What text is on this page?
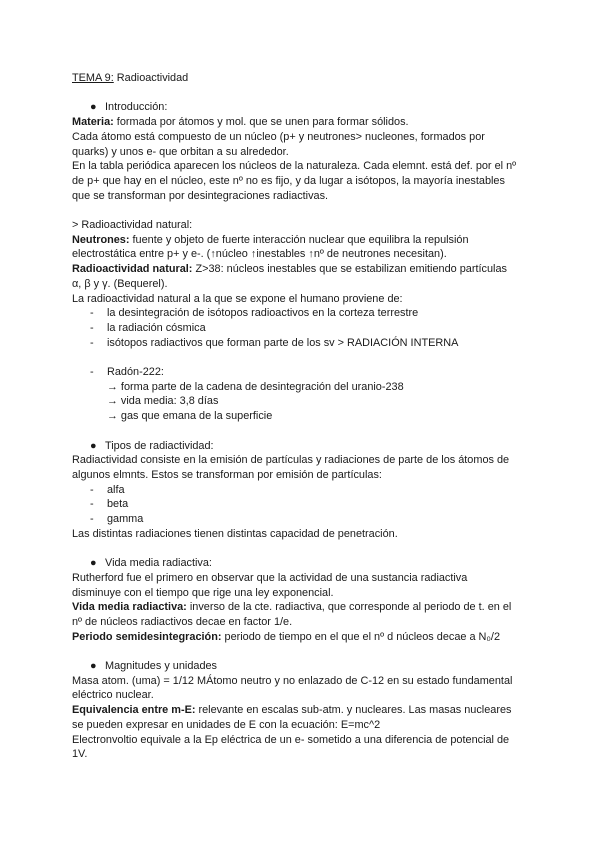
TEMA 9: Radioactividad

● Introducción:

Materia: formada por átomos y mol. que se unen para formar sólidos.

Cada átomo está compuesto de un núcleo (p+ y neutrones> nucleones, formados por

quarks) y unos e- que orbitan a su alrededor.

En la tabla periódica aparecen los núcleos de la naturaleza. Cada elemnt. está def. por el nº

de p+ que hay en el núcleo, este nº no es fijo, y da lugar a isótopos, la mayoría inestables

que se transforman por desintegraciones radiactivas.

> Radioactividad natural:

Neutrones: fuente y objeto de fuerte interacción nuclear que equilibra la repulsión

electrostática entre p+ y e-. (↑núcleo ↑inestables ↑nº de neutrones necesitan).

Radioactividad natural: Z>38: núcleos inestables que se estabilizan emitiendo partículas

α, β y γ. (Bequerel).

La radioactividad natural a la que se expone el humano proviene de:

- la desintegración de isótopos radioactivos en la corteza terrestre
- la radiación cósmica
- isótopos radiactivos que forman parte de los sv > RADIACIÓN INTERNA
- Radón-222:

→ forma parte de la cadena de desintegración del uranio-238

→ vida media: 3,8 días

→ gas que emana de la superficie

● Tipos de radiactividad:

Radiactividad consiste en la emisión de partículas y radiaciones de parte de los átomos de

algunos elmnts. Estos se transforman por emisión de partículas:

- alfa
- beta
- gamma

Las distintas radiaciones tienen distintas capacidad de penetración.

● Vida media radiactiva:

Rutherford fue el primero en observar que la actividad de una sustancia radiactiva

disminuye con el tiempo que rige una ley exponencial.

Vida media radiactiva: inverso de la cte. radiactiva, que corresponde al periodo de t. en el

nº de núcleos radiactivos decae en factor 1/e.

Periodo semidesintegración: periodo de tiempo en el que el nº d núcleos decae a N₀/2

● Magnitudes y unidades

Masa atom. (uma) = 1/12 MÁtomo neutro y no enlazado de C-12 en su estado fundamental

eléctrico nuclear.

Equivalencia entre m-E: relevante en escalas sub-atm. y nucleares. Las masas nucleares

se pueden expresar en unidades de E con la ecuación: E=mc^2

Electronvoltio equivale a la Ep eléctrica de un e- sometido a una diferencia de potencial de

1V.
